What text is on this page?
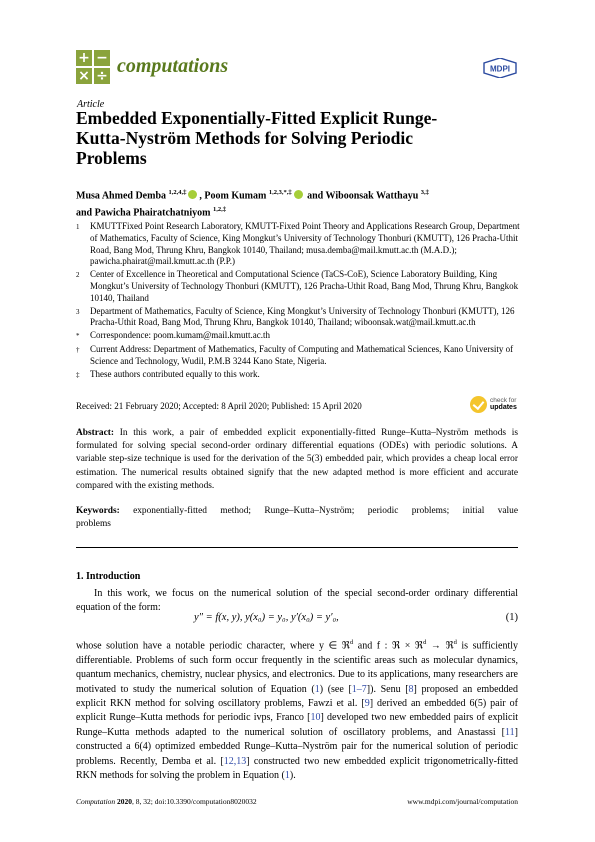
+ −
× ÷ computations	MDPI
Article
Embedded Exponentially-Fitted Explicit Runge-Kutta-Nyström Methods for Solving Periodic Problems
Musa Ahmed Demba $^{1,2,4,\ddagger}$ , Poom Kumam $^{1,2,3,*,\ddagger}$ and Wiboonsak Watthayu $^{3,\ddagger}$
and Pawicha Phairatchatniyom $^{1,2,\ddagger}$
1	KMUTTFixed Point Research Laboratory, KMUTT-Fixed Point Theory and Applications Research Group, Department of Mathematics, Faculty of Science, King Mongkut’s University of Technology Thonburi (KMUTT), 126 Pracha-Uthit Road, Bang Mod, Thrung Khru, Bangkok 10140, Thailand; musa.demba@mail.kmutt.ac.th (M.A.D.); pawicha.phairat@mail.kmutt.ac.th (P.P.)
2	Center of Excellence in Theoretical and Computational Science (TaCS-CoE), Science Laboratory Building, King Mongkut’s University of Technology Thonburi (KMUTT), 126 Pracha-Uthit Road, Bang Mod, Thrung Khru, Bangkok 10140, Thailand
3	Department of Mathematics, Faculty of Science, King Mongkut’s University of Technology Thonburi (KMUTT), 126 Pracha-Uthit Road, Bang Mod, Thrung Khru, Bangkok 10140, Thailand; wiboonsak.wat@mail.kmutt.ac.th
*	Correspondence: poom.kumam@mail.kmutt.ac.th
†	Current Address: Department of Mathematics, Faculty of Computing and Mathematical Sciences, Kano University of Science and Technology, Wudil, P.M.B 3244 Kano State, Nigeria.
‡	These authors contributed equally to this work.
Received: 21 February 2020; Accepted: 8 April 2020; Published: 15 April 2020
check for
updates
Abstract: In this work, a pair of embedded explicit exponentially-fitted Runge–Kutta–Nyström methods is formulated for solving special second-order ordinary differential equations (ODEs) with periodic solutions. A variable step-size technique is used for the derivation of the 5(3) embedded pair, which provides a cheap local error estimation. The numerical results obtained signify that the new adapted method is more efficient and accurate compared with the existing methods.
Keywords: exponentially-fitted method; Runge–Kutta–Nyström; periodic problems; initial value problems
1. Introduction
In this work, we focus on the numerical solution of the special second-order ordinary differential equation of the form:
y″ = f(x, y), y(x₀) = y₀, y′(x₀) = y′₀,	(1)
whose solution have a notable periodic character, where y ∈ ℜ$^d$ and f : ℜ × ℜ$^d$ → ℜ$^d$ is sufficiently differentiable. Problems of such form occur frequently in the scientific areas such as molecular dynamics, quantum mechanics, chemistry, nuclear physics, and electronics. Due to its applications, many researchers are motivated to study the numerical solution of Equation (1) (see [1–7]). Senu [8] proposed an embedded explicit RKN method for solving oscillatory problems, Fawzi et al. [9] derived an embedded 6(5) pair of explicit Runge–Kutta methods for periodic ivps, Franco [10] developed two new embedded pairs of explicit Runge–Kutta methods adapted to the numerical solution of oscillatory problems, and Anastassi [11] constructed a 6(4) optimized embedded Runge–Kutta–Nyström pair for the numerical solution of periodic problems. Recently, Demba et al. [12,13] constructed two new embedded explicit trigonometrically-fitted RKN methods for solving the problem in Equation (1).
Computation 2020, 8, 32; doi:10.3390/computation8020032	www.mdpi.com/journal/computation
